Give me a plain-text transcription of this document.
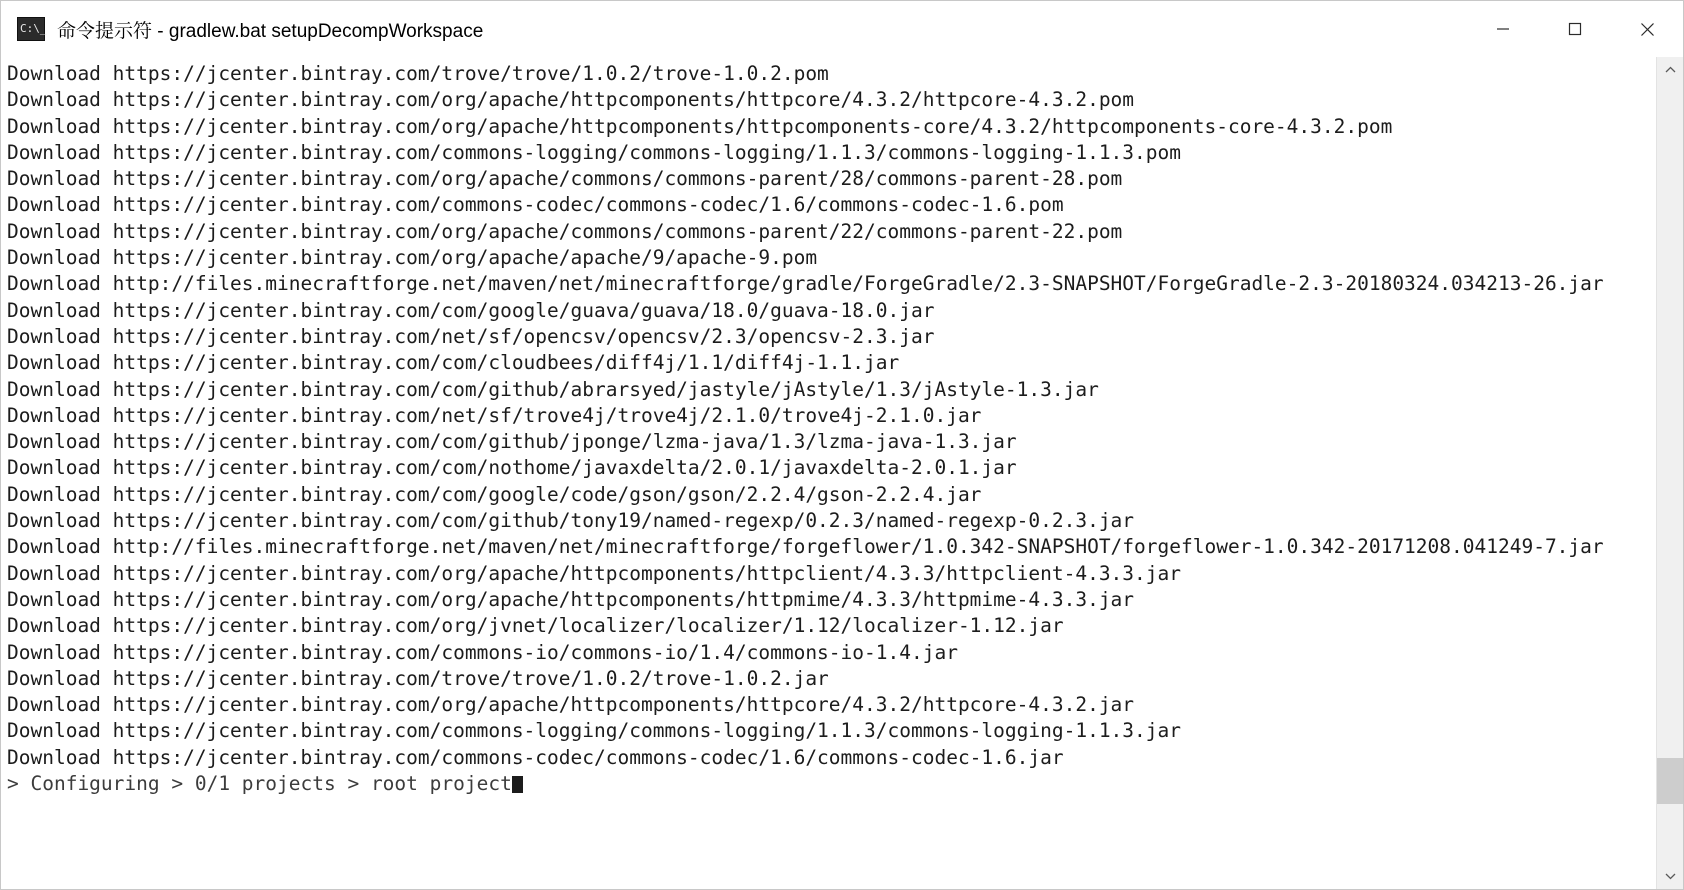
C:\_
命令提示符 - gradlew.bat setupDecompWorkspace
Download https://jcenter.bintray.com/trove/trove/1.0.2/trove-1.0.2.pom
Download https://jcenter.bintray.com/org/apache/httpcomponents/httpcore/4.3.2/httpcore-4.3.2.pom
Download https://jcenter.bintray.com/org/apache/httpcomponents/httpcomponents-core/4.3.2/httpcomponents-core-4.3.2.pom
Download https://jcenter.bintray.com/commons-logging/commons-logging/1.1.3/commons-logging-1.1.3.pom
Download https://jcenter.bintray.com/org/apache/commons/commons-parent/28/commons-parent-28.pom
Download https://jcenter.bintray.com/commons-codec/commons-codec/1.6/commons-codec-1.6.pom
Download https://jcenter.bintray.com/org/apache/commons/commons-parent/22/commons-parent-22.pom
Download https://jcenter.bintray.com/org/apache/apache/9/apache-9.pom
Download http://files.minecraftforge.net/maven/net/minecraftforge/gradle/ForgeGradle/2.3-SNAPSHOT/ForgeGradle-2.3-20180324.034213-26.jar
Download https://jcenter.bintray.com/com/google/guava/guava/18.0/guava-18.0.jar
Download https://jcenter.bintray.com/net/sf/opencsv/opencsv/2.3/opencsv-2.3.jar
Download https://jcenter.bintray.com/com/cloudbees/diff4j/1.1/diff4j-1.1.jar
Download https://jcenter.bintray.com/com/github/abrarsyed/jastyle/jAstyle/1.3/jAstyle-1.3.jar
Download https://jcenter.bintray.com/net/sf/trove4j/trove4j/2.1.0/trove4j-2.1.0.jar
Download https://jcenter.bintray.com/com/github/jponge/lzma-java/1.3/lzma-java-1.3.jar
Download https://jcenter.bintray.com/com/nothome/javaxdelta/2.0.1/javaxdelta-2.0.1.jar
Download https://jcenter.bintray.com/com/google/code/gson/gson/2.2.4/gson-2.2.4.jar
Download https://jcenter.bintray.com/com/github/tony19/named-regexp/0.2.3/named-regexp-0.2.3.jar
Download http://files.minecraftforge.net/maven/net/minecraftforge/forgeflower/1.0.342-SNAPSHOT/forgeflower-1.0.342-20171208.041249-7.jar
Download https://jcenter.bintray.com/org/apache/httpcomponents/httpclient/4.3.3/httpclient-4.3.3.jar
Download https://jcenter.bintray.com/org/apache/httpcomponents/httpmime/4.3.3/httpmime-4.3.3.jar
Download https://jcenter.bintray.com/org/jvnet/localizer/localizer/1.12/localizer-1.12.jar
Download https://jcenter.bintray.com/commons-io/commons-io/1.4/commons-io-1.4.jar
Download https://jcenter.bintray.com/trove/trove/1.0.2/trove-1.0.2.jar
Download https://jcenter.bintray.com/org/apache/httpcomponents/httpcore/4.3.2/httpcore-4.3.2.jar
Download https://jcenter.bintray.com/commons-logging/commons-logging/1.1.3/commons-logging-1.1.3.jar
Download https://jcenter.bintray.com/commons-codec/commons-codec/1.6/commons-codec-1.6.jar
> Configuring > 0/1 projects > root project
